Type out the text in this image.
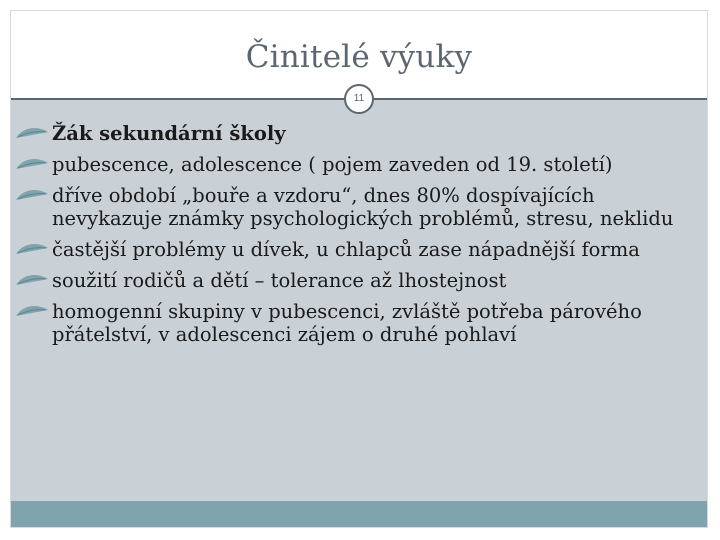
Činitelé výuky
11
Žák sekundární školy
pubescence, adolescence ( pojem zaveden od 19. století)
dříve období „bouře a vzdoru“, dnes 80% dospívajících nevykazuje známky psychologických problémů, stresu, neklidu
častější problémy u dívek, u chlapců zase nápadnější forma
soužití rodičů a dětí – tolerance až lhostejnost
homogenní skupiny v pubescenci, zvláště potřeba párového přátelství, v adolescenci zájem o druhé pohlaví
